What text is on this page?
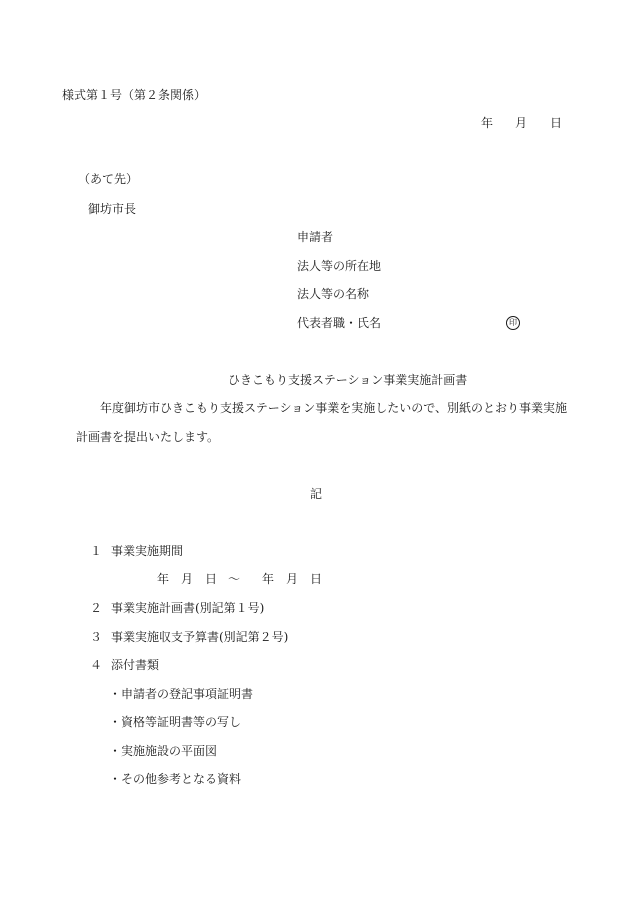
様式第１号（第２条関係）
年 月 日
（あて先）
御坊市長
申請者
法人等の所在地
法人等の名称
代表者職・氏名	印
ひきこもり支援ステーション事業実施計画書
年度御坊市ひきこもり支援ステーション事業を実施したいので、別紙のとおり事業実施
計画書を提出いたします。
記
１ 事業実施期間
年 月 日 ～ 年 月 日
２ 事業実施計画書(別記第１号)
３ 事業実施収支予算書(別記第２号)
４ 添付書類
・申請者の登記事項証明書
・資格等証明書等の写し
・実施施設の平面図
・その他参考となる資料
